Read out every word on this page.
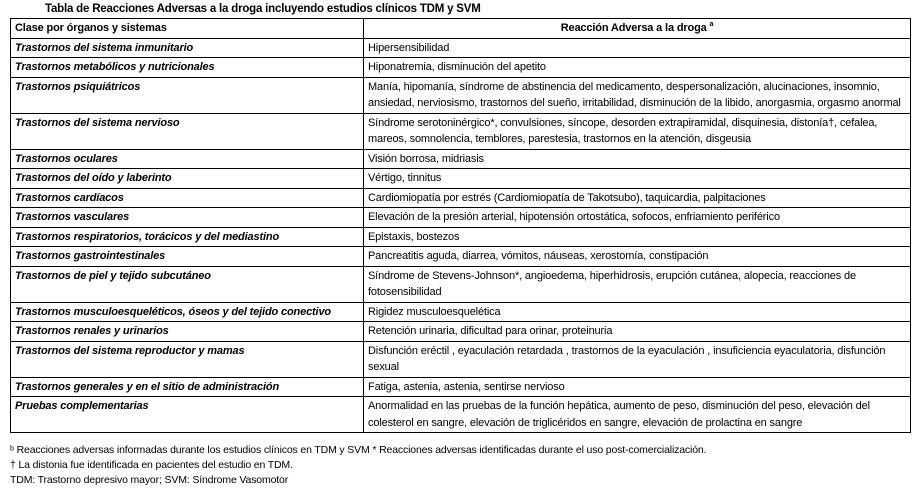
Tabla de Reacciones Adversas a la droga incluyendo estudios clínicos TDM y SVM
Clase por órganos y sistemas	Reacción Adversa a la droga $^a$
Trastornos del sistema inmunitario	Hipersensibilidad
Trastornos metabólicos y nutricionales	Hiponatremia, disminución del apetito
Trastornos psiquiátricos	Manía, hipomanía, síndrome de abstinencia del medicamento, despersonalización, alucinaciones, insomnio, ansiedad, nerviosismo, trastornos del sueño, irritabilidad, disminución de la libido, anorgasmia, orgasmo anormal
Trastornos del sistema nervioso	Síndrome serotoninérgico*, convulsiones, síncope, desorden extrapiramidal, disquinesia, distonía†, cefalea, mareos, somnolencia, temblores, parestesia, trastornos en la atención, disgeusia
Trastornos oculares	Visión borrosa, midriasis
Trastornos del oído y laberinto	Vértigo, tinnitus
Trastornos cardíacos	Cardiomiopatía por estrés (Cardiomiopatía de Takotsubo), taquicardia, palpitaciones
Trastornos vasculares	Elevación de la presión arterial, hipotensión ortostática, sofocos, enfriamiento periférico
Trastornos respiratorios, torácicos y del mediastino	Epistaxis, bostezos
Trastornos gastrointestinales	Pancreatitis aguda, diarrea, vómitos, náuseas, xerostomía, constipación
Trastornos de piel y tejido subcutáneo	Síndrome de Stevens-Johnson*, angioedema, hiperhidrosis, erupción cutánea, alopecia, reacciones de fotosensibilidad
Trastornos musculoesqueléticos, óseos y del tejido conectivo	Rigidez musculoesquelética
Trastornos renales y urinarios	Retención urinaria, dificultad para orinar, proteinuria
Trastornos del sistema reproductor y mamas	Disfunción eréctil , eyaculación retardada , trastornos de la eyaculación , insuficiencia eyaculatoria, disfunción sexual
Trastornos generales y en el sitio de administración	Fatiga, astenia, astenia, sentirse nervioso
Pruebas complementarias	Anormalidad en las pruebas de la función hepática, aumento de peso, disminución del peso, elevación del colesterol en sangre, elevación de triglicéridos en sangre, elevación de prolactina en sangre
ᵇ Reacciones adversas informadas durante los estudios clínicos en TDM y SVM * Reacciones adversas identificadas durante el uso post-comercialización.
† La distonia fue identificada en pacientes del estudio en TDM.
TDM: Trastorno depresivo mayor; SVM: Síndrome Vasomotor
